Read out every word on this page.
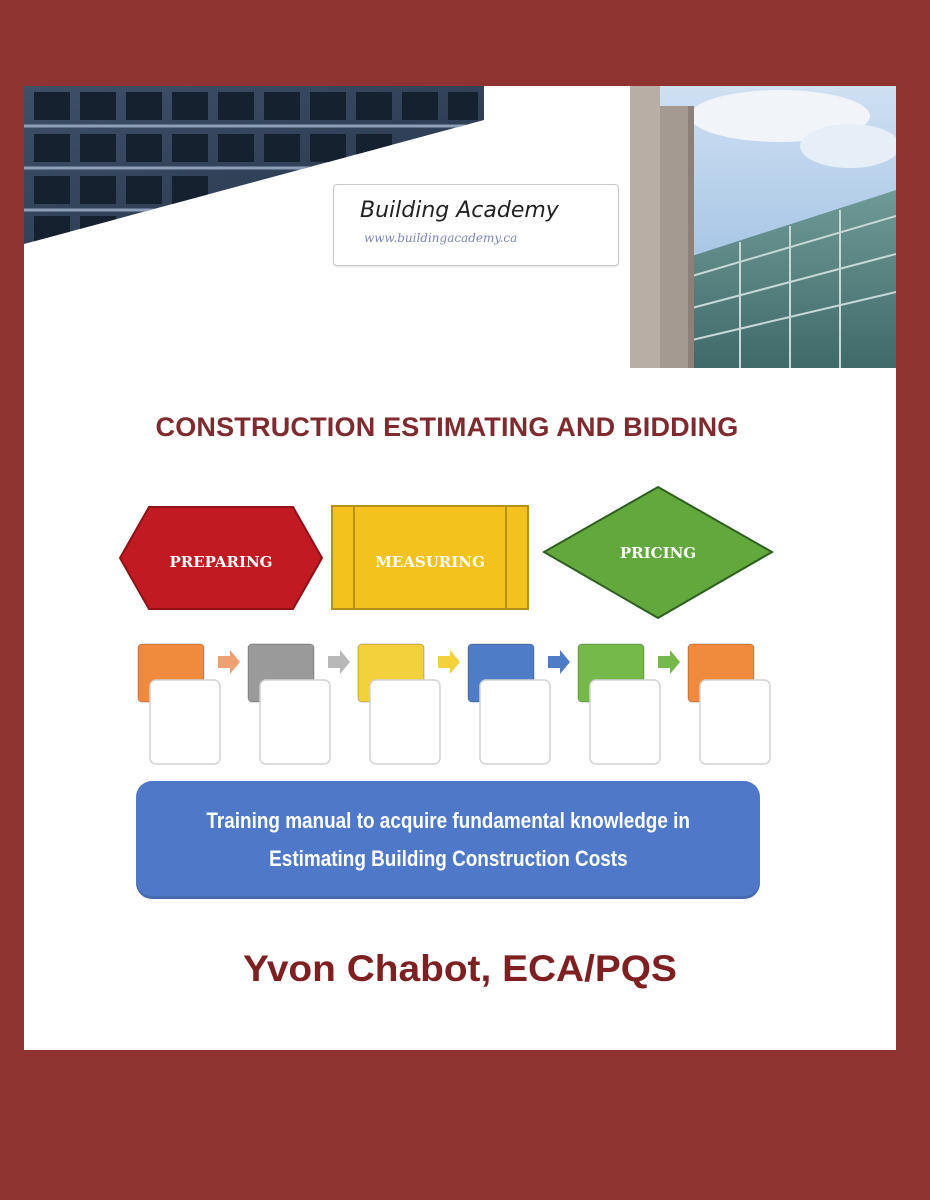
Building Academy
www.buildingacademy.ca
CONSTRUCTION ESTIMATING AND BIDDING
PREPARING	MEASURING	PRICING
Training manual to acquire fundamental knowledge in
Estimating Building Construction Costs
Yvon Chabot, ECA/PQS
